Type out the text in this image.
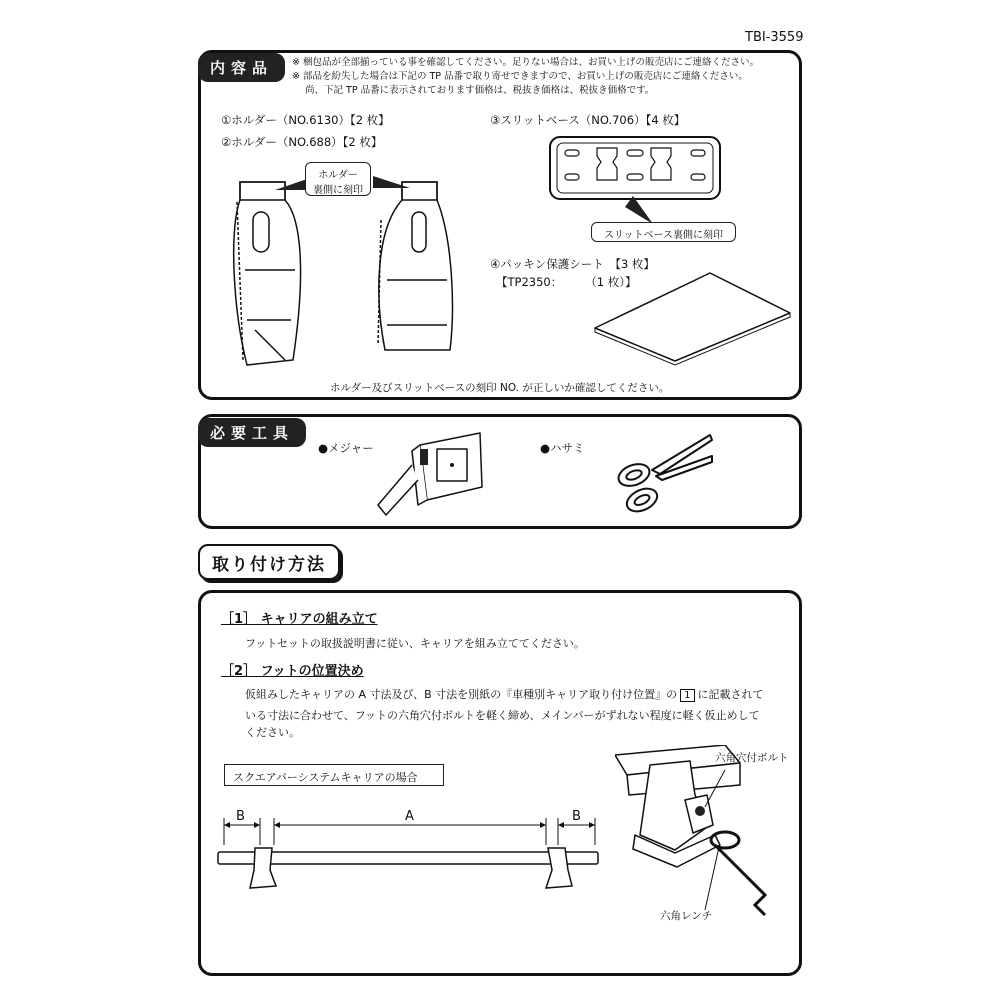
TBI-3559
内容品	※ 梱包品が全部揃っている事を確認してください。足りない場合は、お買い上げの販売店にご連絡ください。
※ 部品を紛失した場合は下記の TP 品番で取り寄せできますので、お買い上げの販売店にご連絡ください。
尚、下記 TP 品番に表示されております価格は、税抜き価格は、税抜き価格です。
①ホルダー（NO.6130）【2 枚】
②ホルダー（NO.688）【2 枚】
③スリットベース（NO.706）【4 枚】
④パッキン保護シート　【3 枚】
【TP2350：　　　（1 枚）】
ホルダー
裏側に刻印
スリットベース裏側に刻印
ホルダー及びスリットベースの刻印 NO. が正しいか確認してください。
必要工具
●メジャー	●ハサミ
取り付け方法
［1］ キャリアの組み立て
フットセットの取扱説明書に従い、キャリアを組み立ててください。
［2］ フットの位置決め
仮組みしたキャリアの A 寸法及び、B 寸法を別紙の『車種別キャリア取り付け位置』の 1 に記載されて
いる寸法に合わせて、フットの六角穴付ボルトを軽く締め、メインバーがずれない程度に軽く仮止めして
ください。
スクエアバーシステムキャリアの場合
B	A	B
六角穴付ボルト
六角レンチ
